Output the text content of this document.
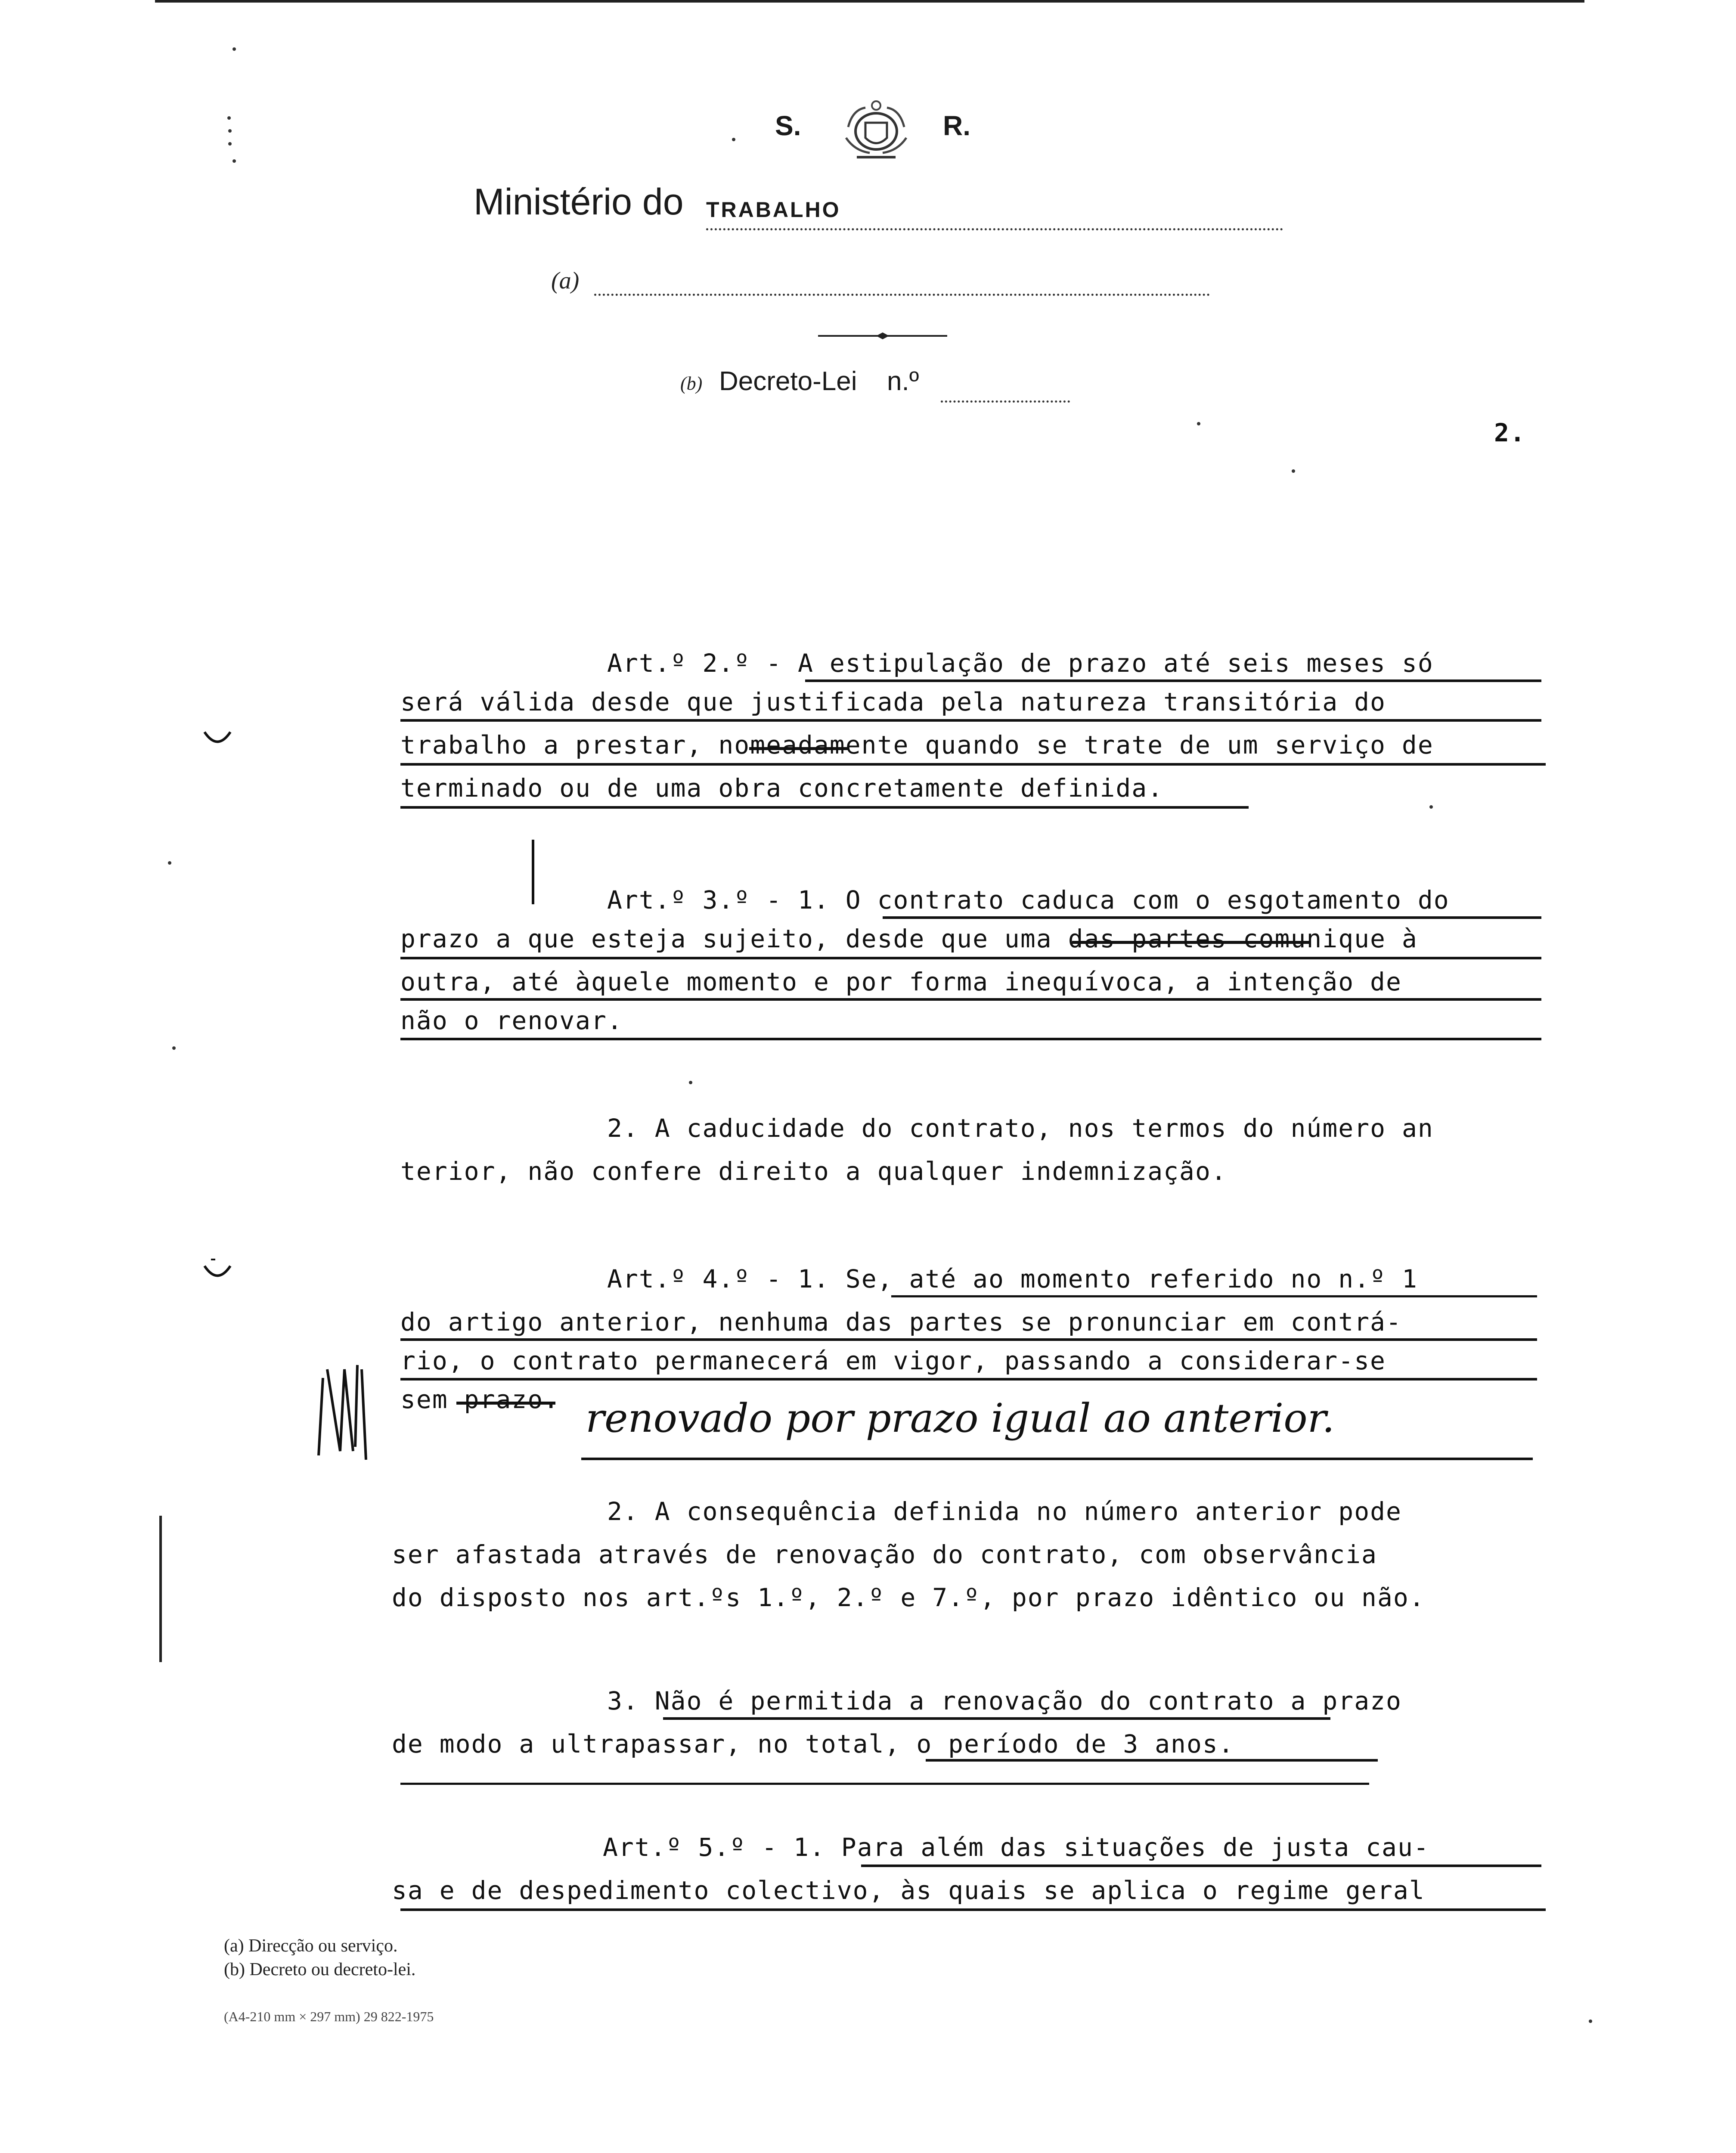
S.	R.
Ministério do TRABALHO
(a)
(b) Decreto-Lei n.º
2.
Art.º 2.º - A estipulação de prazo até seis meses só
será válida desde que justificada pela natureza transitória do
trabalho a prestar, nomeadamente quando se trate de um serviço de
terminado ou de uma obra concretamente definida.
Art.º 3.º - 1. O contrato caduca com o esgotamento do
prazo a que esteja sujeito, desde que uma das partes comunique à
outra, até àquele momento e por forma inequívoca, a intenção de
não o renovar.
2. A caducidade do contrato, nos termos do número an
terior, não confere direito a qualquer indemnização.
Art.º 4.º - 1. Se, até ao momento referido no n.º 1
do artigo anterior, nenhuma das partes se pronunciar em contrá-
rio, o contrato permanecerá em vigor, passando a considerar-se
sem prazo.
2. A consequência definida no número anterior pode
ser afastada através de renovação do contrato, com observância
do disposto nos art.ºs 1.º, 2.º e 7.º, por prazo idêntico ou não.
3. Não é permitida a renovação do contrato a prazo
de modo a ultrapassar, no total, o período de 3 anos.
Art.º 5.º - 1. Para além das situações de justa cau-
sa e de despedimento colectivo, às quais se aplica o regime geral
renovado por prazo igual ao anterior.
(a) Direcção ou serviço.
(b) Decreto ou decreto-lei.
(A4-210 mm × 297 mm) 29 822-1975
